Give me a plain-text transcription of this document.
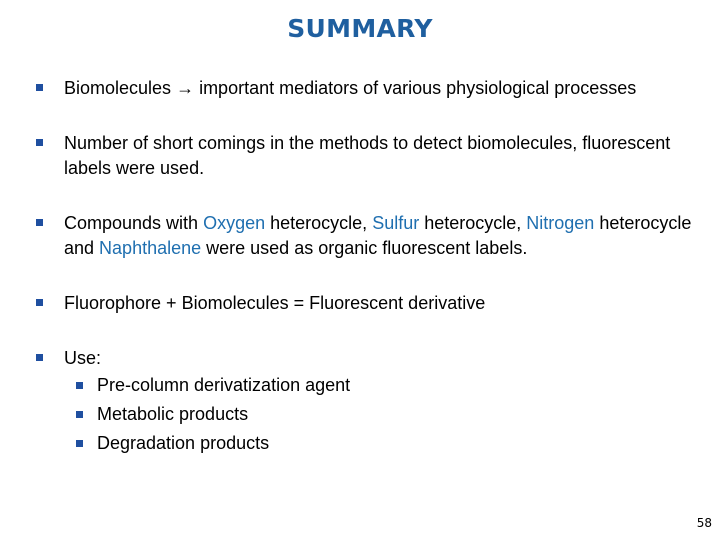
SUMMARY
Biomolecules → important mediators of various physiological processes
Number of short comings in the methods to detect biomolecules, fluorescent labels were used.
Compounds with Oxygen heterocycle, Sulfur heterocycle, Nitrogen heterocycle and Naphthalene were used as organic fluorescent labels.
Fluorophore + Biomolecules = Fluorescent derivative
Use:
Pre-column derivatization agent
Metabolic products
Degradation products
58
